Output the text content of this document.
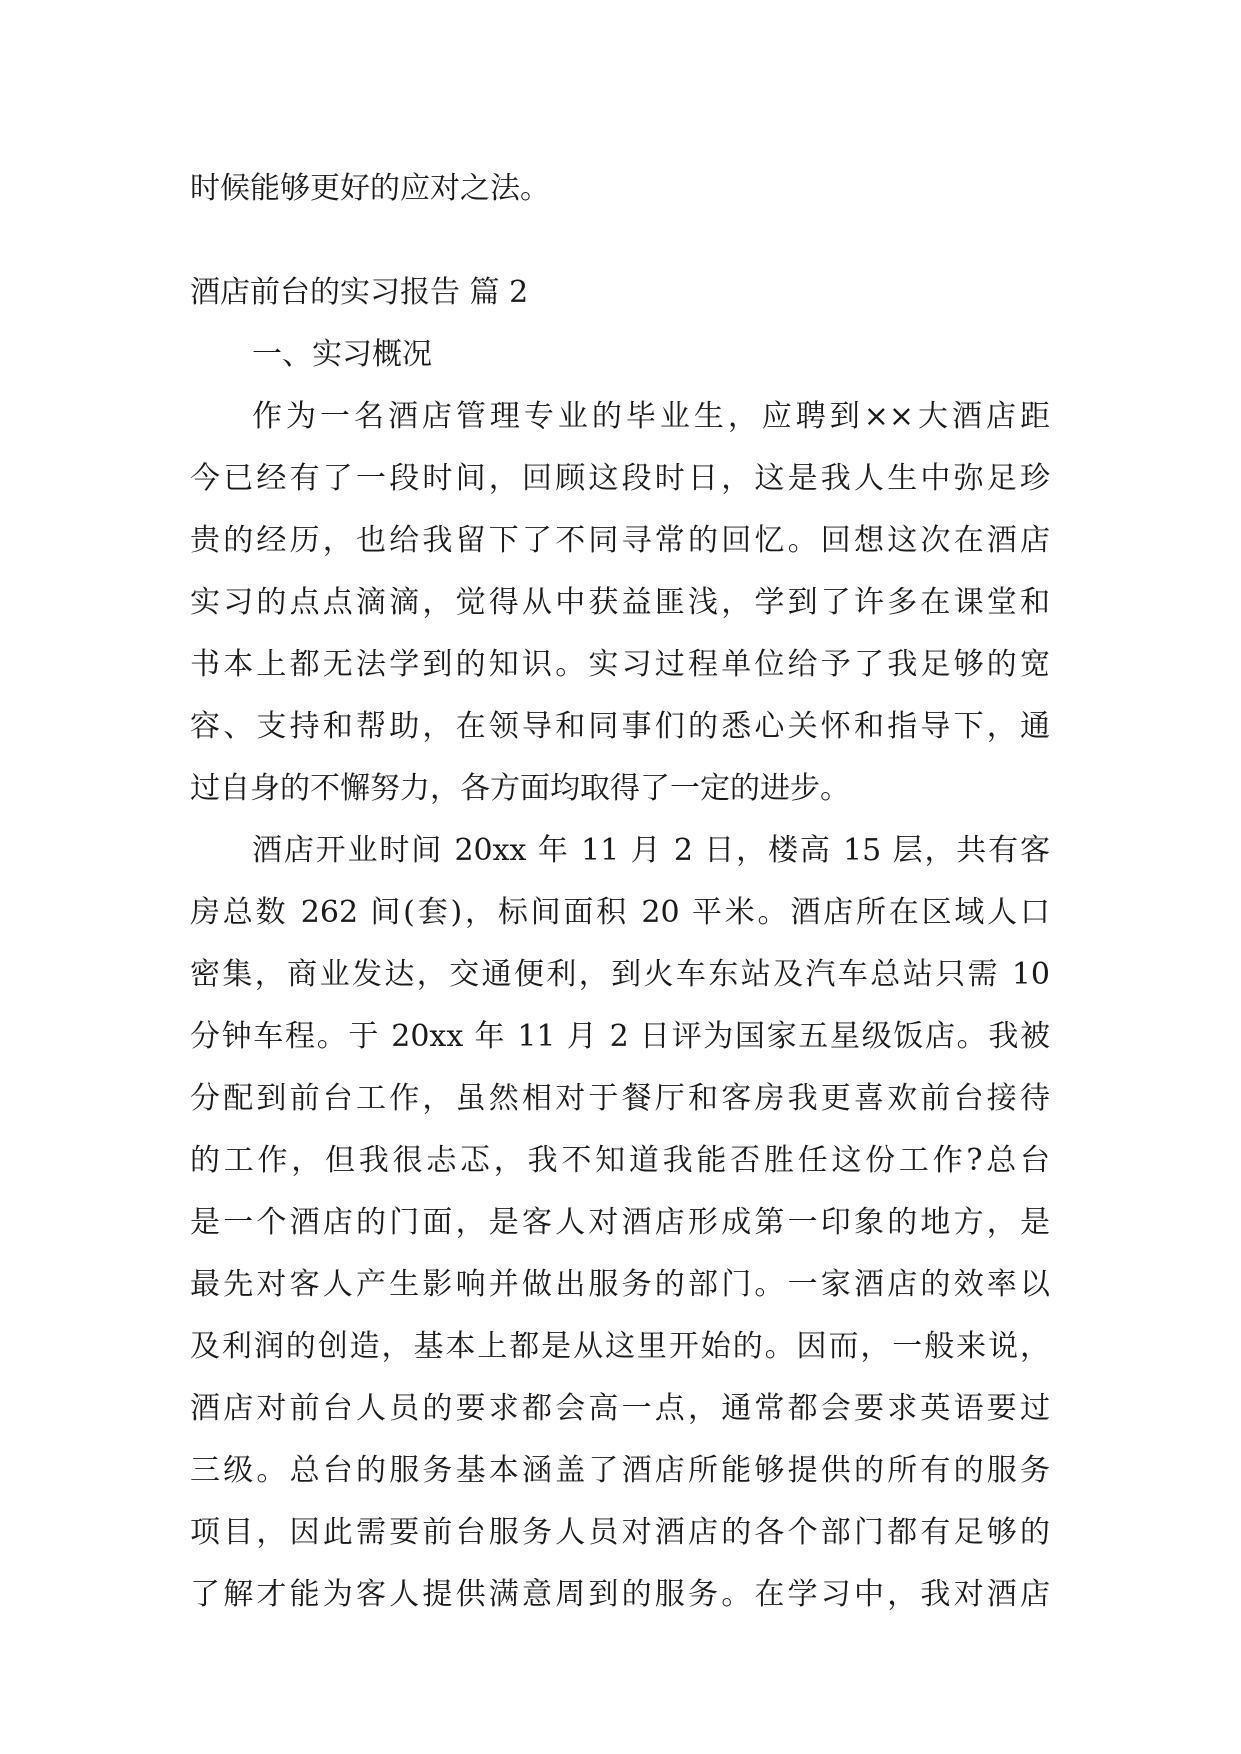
时候能够更好的应对之法。
酒店前台的实习报告 篇 2
一、实习概况
作为一名酒店管理专业的毕业生，应聘到××大酒店距
今已经有了一段时间，回顾这段时日，这是我人生中弥足珍
贵的经历，也给我留下了不同寻常的回忆。回想这次在酒店
实习的点点滴滴，觉得从中获益匪浅，学到了许多在课堂和
书本上都无法学到的知识。实习过程单位给予了我足够的宽
容、支持和帮助，在领导和同事们的悉心关怀和指导下，通
过自身的不懈努力，各方面均取得了一定的进步。
酒店开业时间 20xx 年 11 月 2 日，楼高 15 层，共有客
房总数 262 间(套)，标间面积 20 平米。酒店所在区域人口
密集，商业发达，交通便利，到火车东站及汽车总站只需 10
分钟车程。于 20xx 年 11 月 2 日评为国家五星级饭店。我被
分配到前台工作，虽然相对于餐厅和客房我更喜欢前台接待
的工作，但我很忐忑，我不知道我能否胜任这份工作?总台
是一个酒店的门面，是客人对酒店形成第一印象的地方，是
最先对客人产生影响并做出服务的部门。一家酒店的效率以
及利润的创造，基本上都是从这里开始的。因而，一般来说，
酒店对前台人员的要求都会高一点，通常都会要求英语要过
三级。总台的服务基本涵盖了酒店所能够提供的所有的服务
项目，因此需要前台服务人员对酒店的各个部门都有足够的
了解才能为客人提供满意周到的服务。在学习中，我对酒店
